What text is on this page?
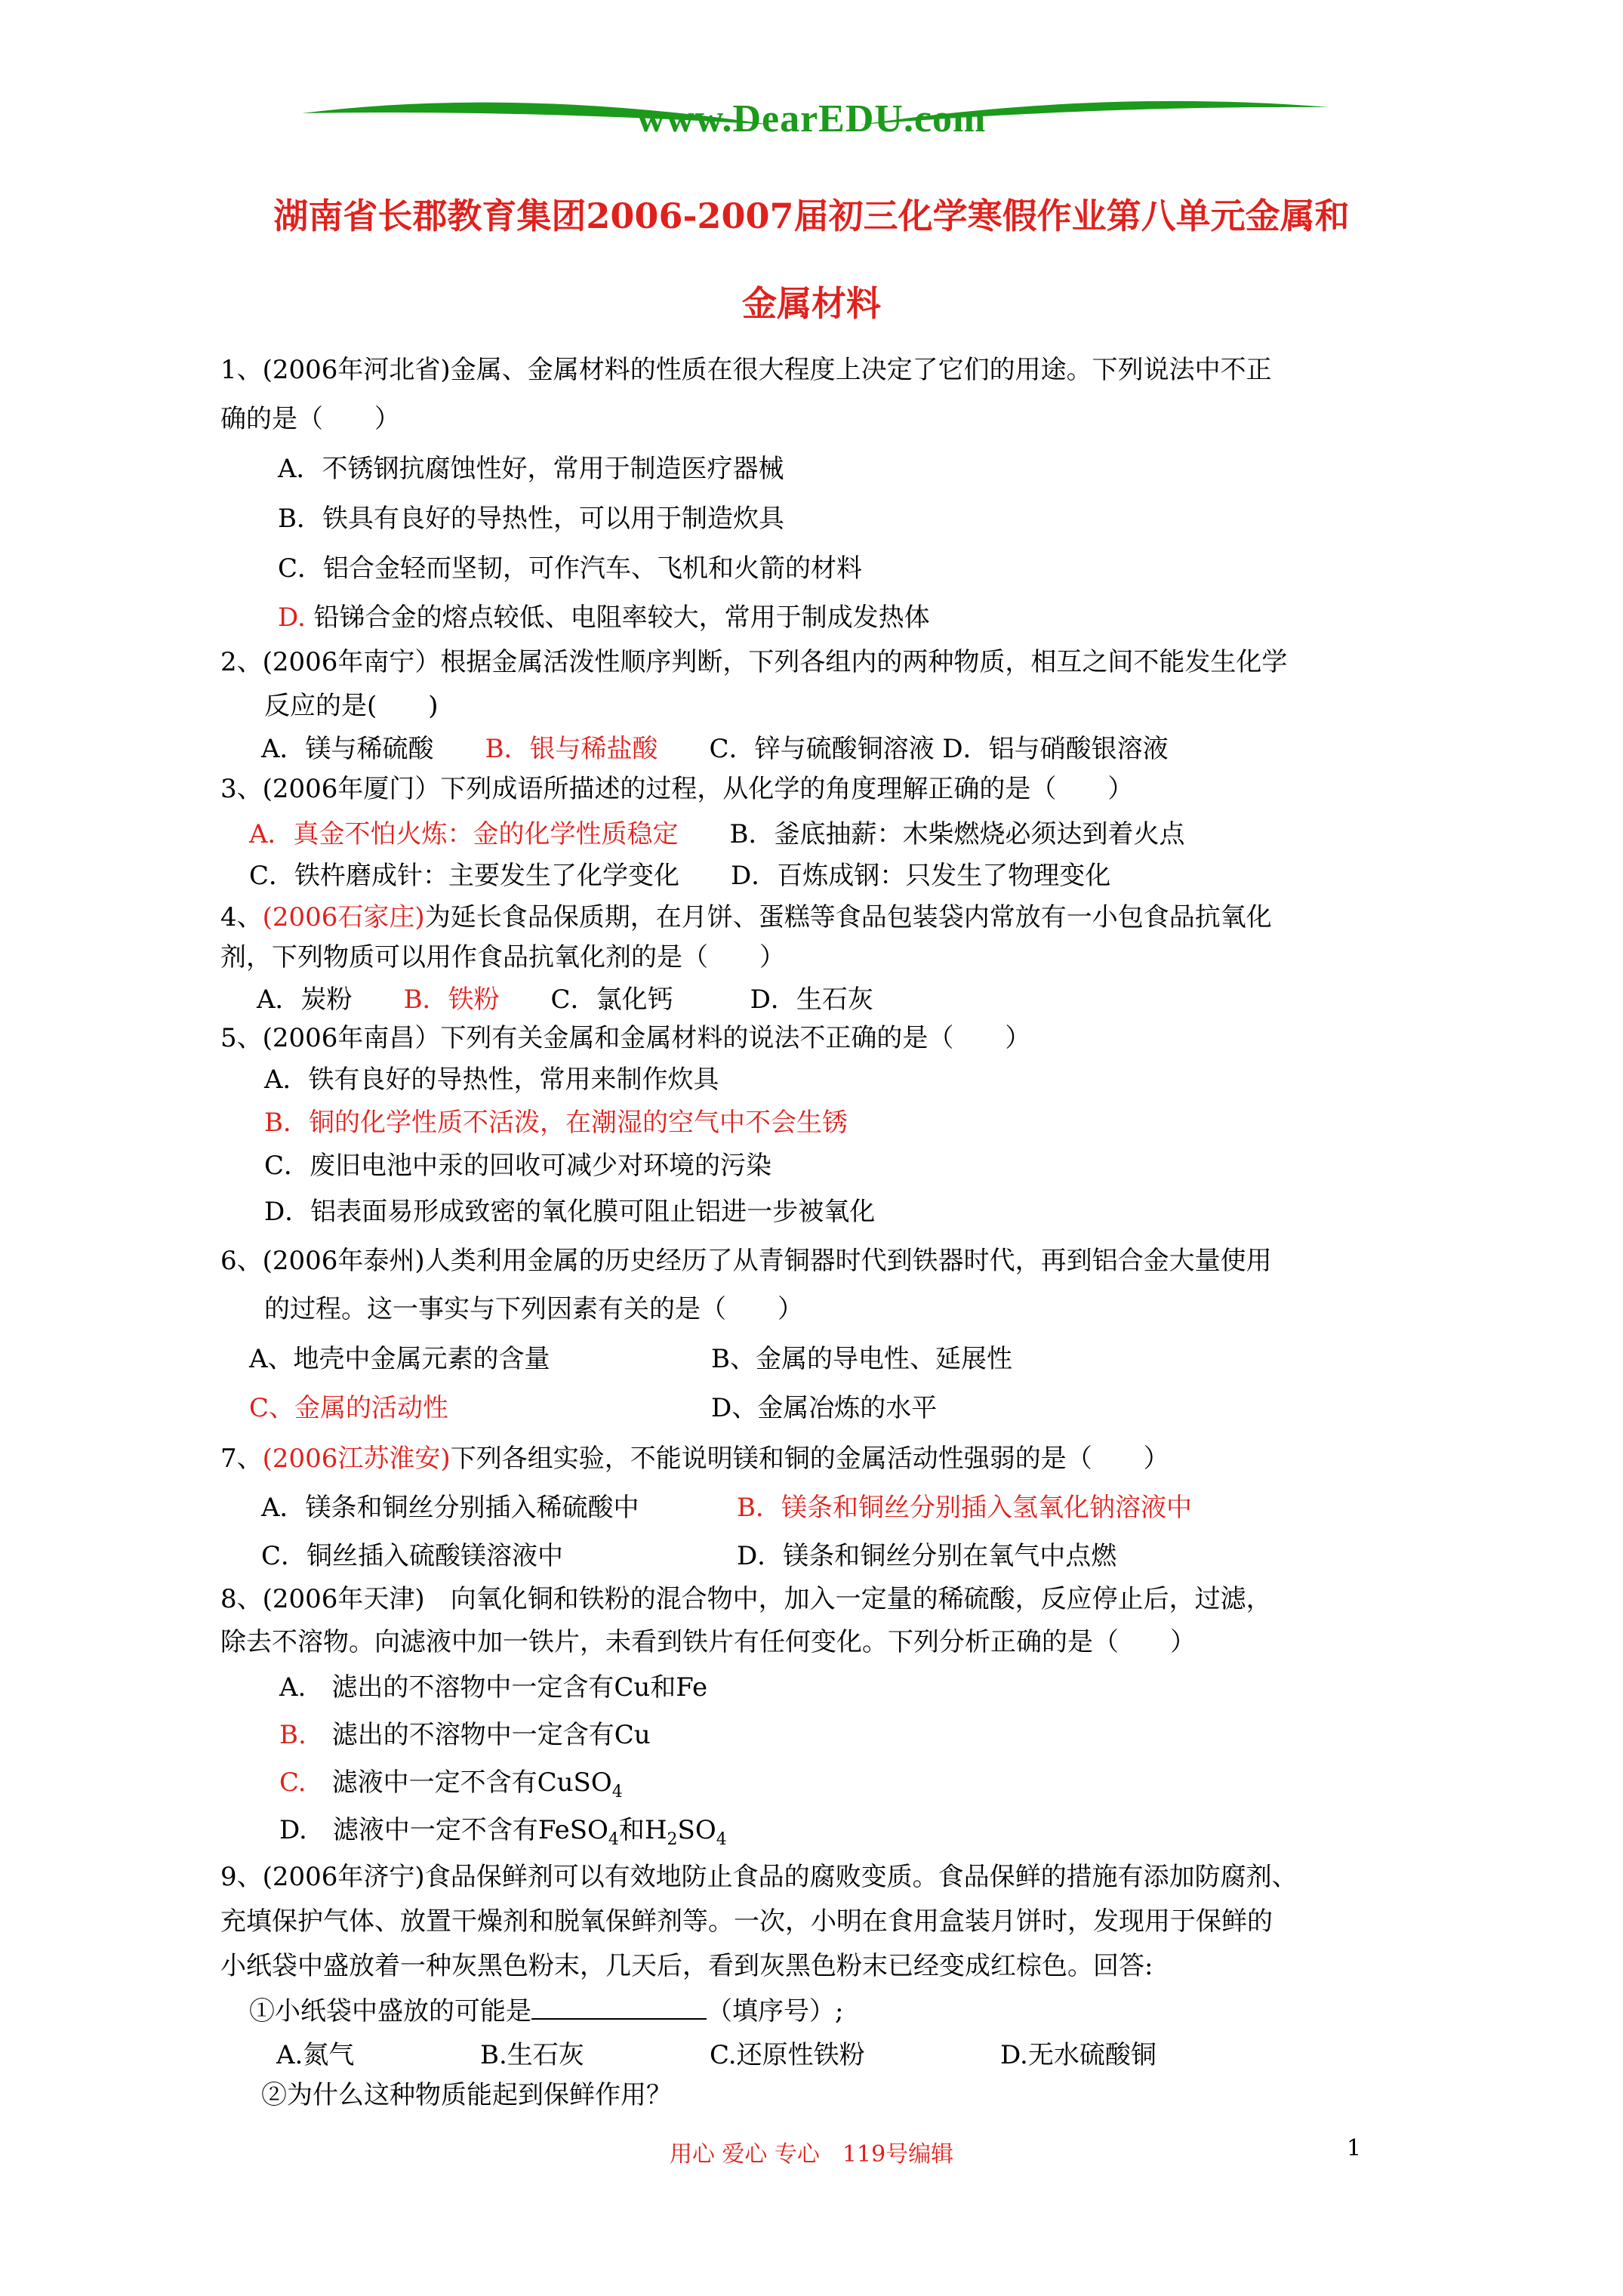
www.DearEDU.com
湖南省长郡教育集团2006-2007届初三化学寒假作业第八单元金属和
金属材料
1、(2006年河北省)金属、金属材料的性质在很大程度上决定了它们的用途。下列说法中不正
确的是（　　）
A．不锈钢抗腐蚀性好，常用于制造医疗器械
B．铁具有良好的导热性，可以用于制造炊具
C．铝合金轻而坚韧，可作汽车、飞机和火箭的材料
D. 铅锑合金的熔点较低、电阻率较大，常用于制成发热体
2、(2006年南宁）根据金属活泼性顺序判断，下列各组内的两种物质，相互之间不能发生化学
反应的是(　　)
A．镁与稀硫酸　　B．银与稀盐酸　　C．锌与硫酸铜溶液 D．铝与硝酸银溶液
3、(2006年厦门）下列成语所描述的过程，从化学的角度理解正确的是（　　）
A．真金不怕火炼：金的化学性质稳定　　B．釜底抽薪：木柴燃烧必须达到着火点
C．铁杵磨成针：主要发生了化学变化　　D．百炼成钢：只发生了物理变化
4、(2006石家庄)为延长食品保质期，在月饼、蛋糕等食品包装袋内常放有一小包食品抗氧化
剂，下列物质可以用作食品抗氧化剂的是（　　）
A．炭粉　　B．铁粉　　C．氯化钙　　　D．生石灰
5、(2006年南昌）下列有关金属和金属材料的说法不正确的是（　　）
A．铁有良好的导热性，常用来制作炊具
B．铜的化学性质不活泼，在潮湿的空气中不会生锈
C．废旧电池中汞的回收可减少对环境的污染
D．铝表面易形成致密的氧化膜可阻止铝进一步被氧化
6、(2006年泰州)人类利用金属的历史经历了从青铜器时代到铁器时代，再到铝合金大量使用
的过程。这一事实与下列因素有关的是（　　）
A、地壳中金属元素的含量	B、金属的导电性、延展性
C、金属的活动性	D、金属冶炼的水平
7、(2006江苏淮安)下列各组实验，不能说明镁和铜的金属活动性强弱的是（　　）
A．镁条和铜丝分别插入稀硫酸中	B．镁条和铜丝分别插入氢氧化钠溶液中
C．铜丝插入硫酸镁溶液中	D．镁条和铜丝分别在氧气中点燃
8、(2006年天津)　向氧化铜和铁粉的混合物中，加入一定量的稀硫酸，反应停止后，过滤，
除去不溶物。向滤液中加一铁片，未看到铁片有任何变化。下列分析正确的是（　　）
A.　 滤出的不溶物中一定含有Cu和Fe
B.　 滤出的不溶物中一定含有Cu
C.　 滤液中一定不含有CuSO$_4$
D.　 滤液中一定不含有FeSO$_4$和$H_2SO_4$
9、(2006年济宁)食品保鲜剂可以有效地防止食品的腐败变质。食品保鲜的措施有添加防腐剂、
充填保护气体、放置干燥剂和脱氧保鲜剂等。一次，小明在食用盒装月饼时，发现用于保鲜的
小纸袋中盛放着一种灰黑色粉末，几天后，看到灰黑色粉末已经变成红棕色。回答:
①小纸袋中盛放的可能是	（填序号）;
A.氮气	B.生石灰	C.还原性铁粉	D.无水硫酸铜
②为什么这种物质能起到保鲜作用？
用心 爱心 专心　119号编辑	1
